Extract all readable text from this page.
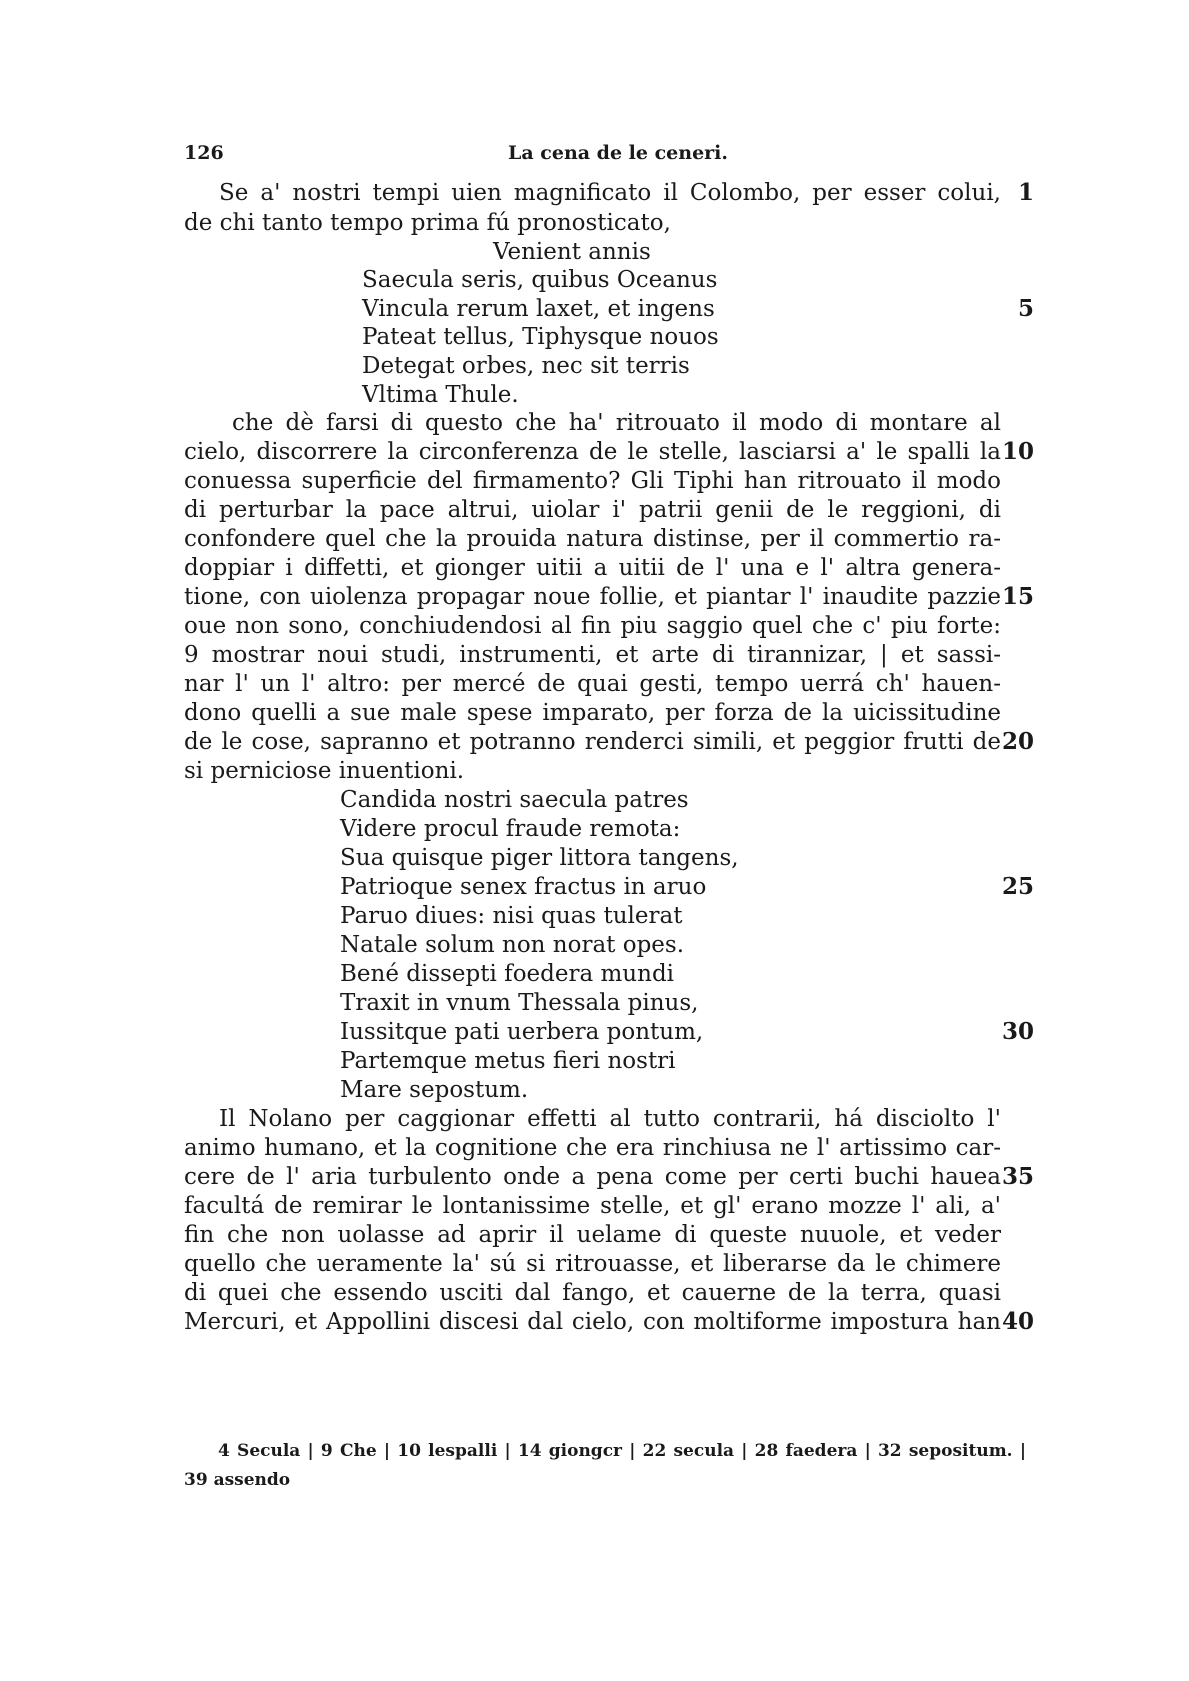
126	La cena de le ceneri.
Se a' nostri tempi uien magnificato il Colombo, per esser colui, 1
de chi tanto tempo prima fú pronosticato,
Venient annis
Saecula seris, quibus Oceanus
Vincula rerum laxet, et ingens	5
Pateat tellus, Tiphysque nouos
Detegat orbes, nec sit terris
Vltima Thule.
che dè farsi di questo che ha' ritrouato il modo di montare al
cielo, discorrere la circonferenza de le stelle, lasciarsi a' le spalli la 10
conuessa superficie del firmamento? Gli Tiphi han ritrouato il modo
di perturbar la pace altrui, uiolar i' patrii genii de le reggioni, di
confondere quel che la prouida natura distinse, per il commertio ra-
doppiar i diffetti, et gionger uitii a uitii de l' una e l' altra genera-
tione, con uiolenza propagar noue follie, et piantar l' inaudite pazzie 15
oue non sono, conchiudendosi al fin piu saggio quel che c' piu forte:
9 mostrar noui studi, instrumenti, et arte di tirannizar, | et sassi-
nar l' un l' altro: per mercé de quai gesti, tempo uerrá ch' hauen-
dono quelli a sue male spese imparato, per forza de la uicissitudine
de le cose, sapranno et potranno renderci simili, et peggior frutti de 20
si perniciose inuentioni.
Candida nostri saecula patres
Videre procul fraude remota:
Sua quisque piger littora tangens,
Patrioque senex fractus in aruo	25
Paruo diues: nisi quas tulerat
Natale solum non norat opes.
Bené dissepti foedera mundi
Traxit in vnum Thessala pinus,
Iussitque pati uerbera pontum,	30
Partemque metus fieri nostri
Mare sepostum.
Il Nolano per caggionar effetti al tutto contrarii, há disciolto l'
animo humano, et la cognitione che era rinchiusa ne l' artissimo car-
cere de l' aria turbulento onde a pena come per certi buchi hauea 35
facultá de remirar le lontanissime stelle, et gl' erano mozze l' ali, a'
fin che non uolasse ad aprir il uelame di queste nuuole, et veder
quello che ueramente la' sú si ritrouasse, et liberarse da le chimere
di quei che essendo usciti dal fango, et cauerne de la terra, quasi
Mercuri, et Appollini discesi dal cielo, con moltiforme impostura han 40
4 Secula | 9 Che | 10 lespalli | 14 giongcr | 22 secula | 28 faedera | 32 sepositum. |
39 assendo
